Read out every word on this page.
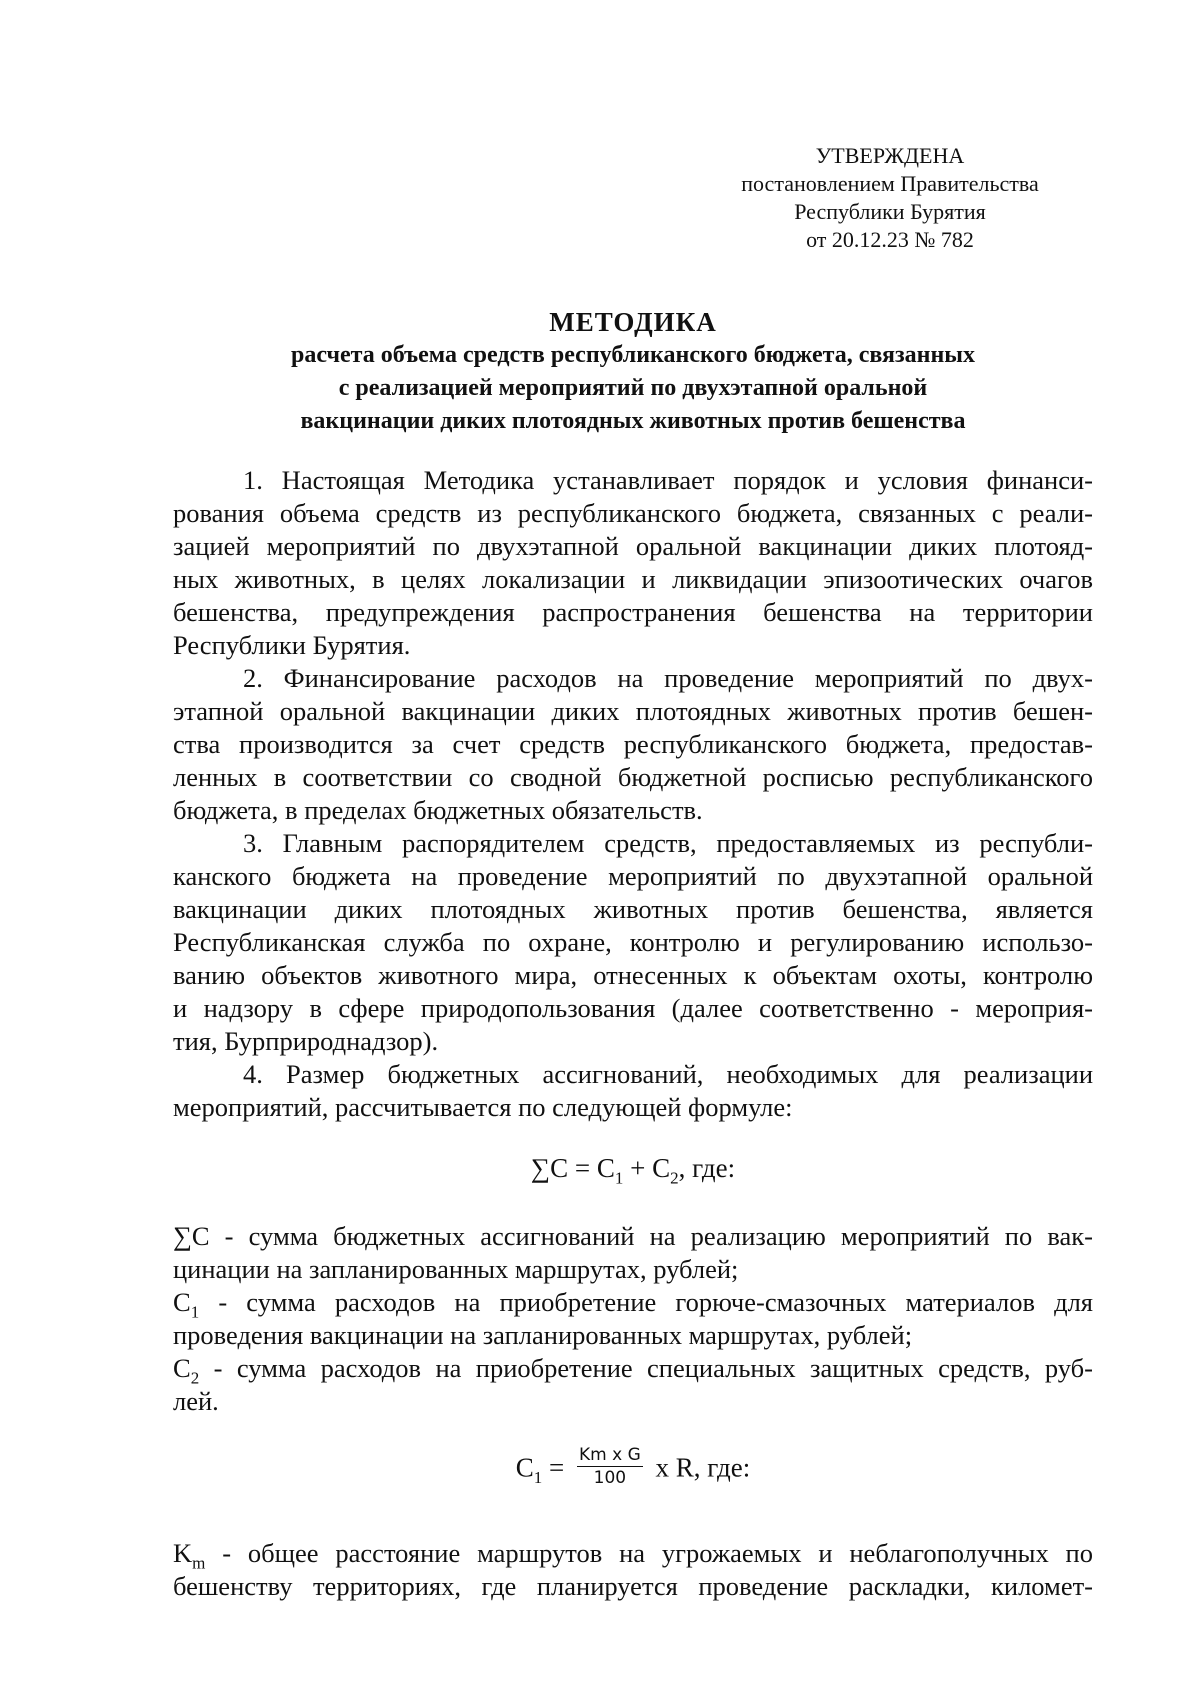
УТВЕРЖДЕНА
постановлением Правительства
Республики Бурятия
от 20.12.23 № 782
МЕТОДИКА
расчета объема средств республиканского бюджета, связанных
с реализацией мероприятий по двухэтапной оральной
вакцинации диких плотоядных животных против бешенства
1. Настоящая Методика устанавливает порядок и условия финанси-
рования объема средств из республиканского бюджета, связанных с реали-
зацией мероприятий по двухэтапной оральной вакцинации диких плотояд-
ных животных, в целях локализации и ликвидации эпизоотических очагов
бешенства, предупреждения распространения бешенства на территории
Республики Бурятия.
2. Финансирование расходов на проведение мероприятий по двух-
этапной оральной вакцинации диких плотоядных животных против бешен-
ства производится за счет средств республиканского бюджета, предостав-
ленных в соответствии со сводной бюджетной росписью республиканского
бюджета, в пределах бюджетных обязательств.
3. Главным распорядителем средств, предоставляемых из республи-
канского бюджета на проведение мероприятий по двухэтапной оральной
вакцинации диких плотоядных животных против бешенства, является
Республиканская служба по охране, контролю и регулированию использо-
ванию объектов животного мира, отнесенных к объектам охоты, контролю
и надзору в сфере природопользования (далее соответственно - мероприя-
тия, Бурприроднадзор).
4. Размер бюджетных ассигнований, необходимых для реализации
мероприятий, рассчитывается по следующей формуле:
$\sum С = С_1 + С_2$, где:
∑С - сумма бюджетных ассигнований на реализацию мероприятий по вак-
цинации на запланированных маршрутах, рублей;
$С_1$ - сумма расходов на приобретение горюче-смазочных материалов для
проведения вакцинации на запланированных маршрутах, рублей;
$С_2$ - сумма расходов на приобретение специальных защитных средств, руб-
лей.
$С_1 = \frac{\text{Km x G}}{100}$ x R, где:
$K_m$ - общее расстояние маршрутов на угрожаемых и неблагополучных по
бешенству территориях, где планируется проведение раскладки, километ-
